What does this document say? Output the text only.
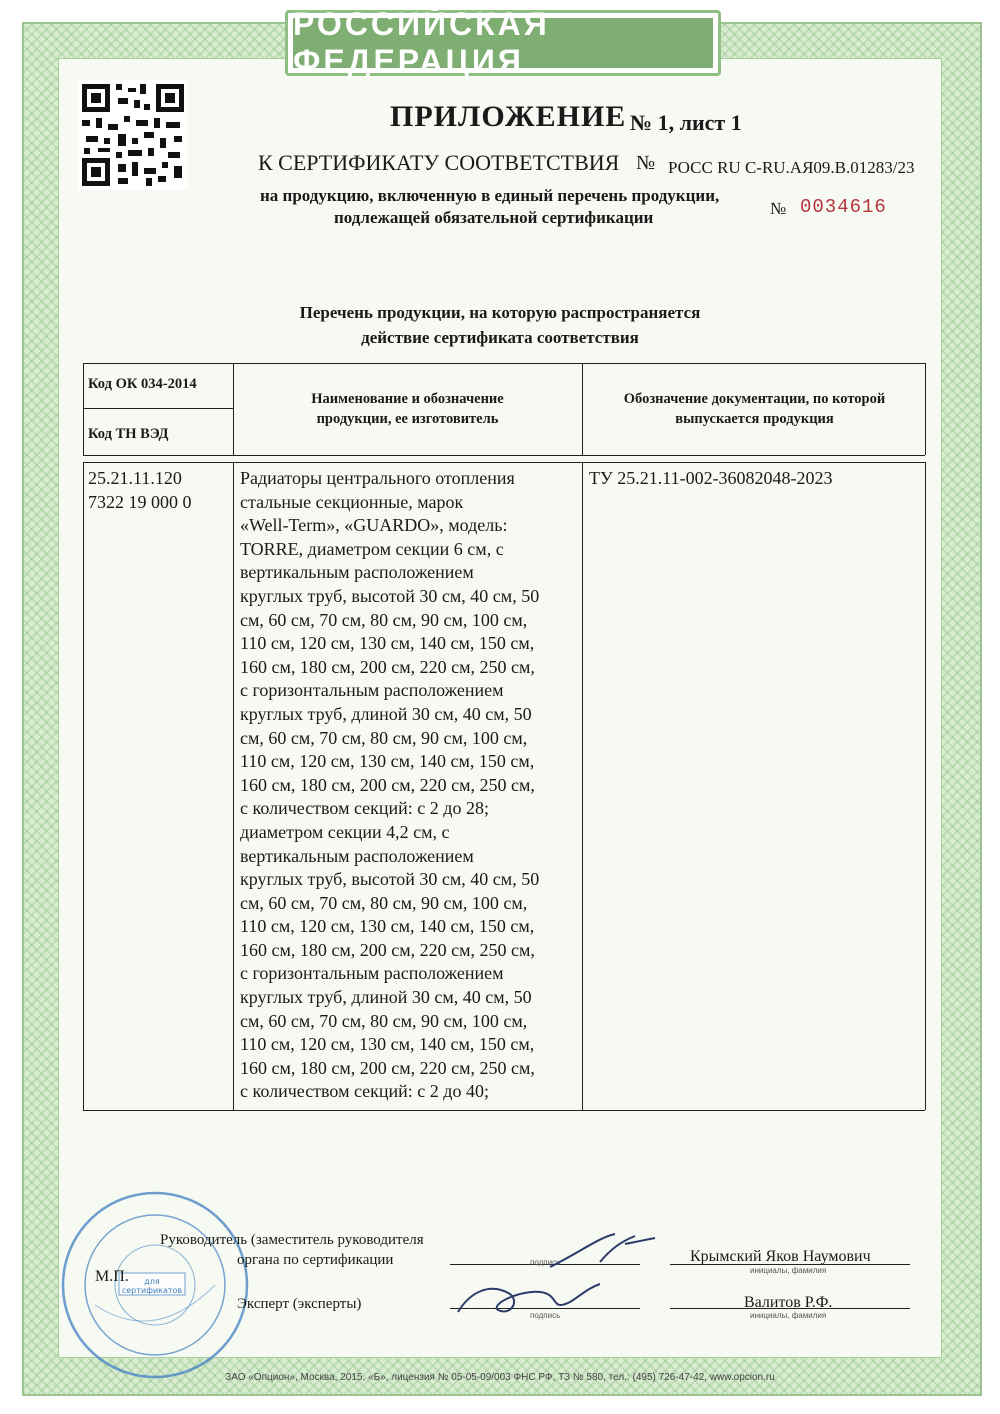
РОССИЙСКАЯ ФЕДЕРАЦИЯ
ПРИЛОЖЕНИЕ № 1, лист 1
К СЕРТИФИКАТУ СООТВЕТСТВИЯ № РОСС RU C-RU.АЯ09.В.01283/23
на продукцию, включенную в единый перечень продукции,
подлежащей обязательной сертификации	№ 0034616
Перечень продукции, на которую распространяется
действие сертификата соответствия
Код ОК 034-2014
Код ТН ВЭД
Наименование и обозначение продукции, ее изготовитель
Обозначение документации, по которой выпускается продукция
25.21.11.120
7322 19 000 0
Радиаторы центрального отопления
стальные секционные, марок
«Well-Term», «GUARDO», модель:
TORRE, диаметром секции 6 см, с
вертикальным расположением
круглых труб, высотой 30 см, 40 см, 50
см, 60 см, 70 см, 80 см, 90 см, 100 см,
110 см, 120 см, 130 см, 140 см, 150 см,
160 см, 180 см, 200 см, 220 см, 250 см,
с горизонтальным расположением
круглых труб, длиной 30 см, 40 см, 50
см, 60 см, 70 см, 80 см, 90 см, 100 см,
110 см, 120 см, 130 см, 140 см, 150 см,
160 см, 180 см, 200 см, 220 см, 250 см,
с количеством секций: с 2 до 28;
диаметром секции 4,2 см, с
вертикальным расположением
круглых труб, высотой 30 см, 40 см, 50
см, 60 см, 70 см, 80 см, 90 см, 100 см,
110 см, 120 см, 130 см, 140 см, 150 см,
160 см, 180 см, 200 см, 220 см, 250 см,
с горизонтальным расположением
круглых труб, длиной 30 см, 40 см, 50
см, 60 см, 70 см, 80 см, 90 см, 100 см,
110 см, 120 см, 130 см, 140 см, 150 см,
160 см, 180 см, 200 см, 220 см, 250 см,
с количеством секций: с 2 до 40;
ТУ 25.21.11-002-36082048-2023
для
сертификатов
Руководитель (заместитель руководителя
органа по сертификации
М.П.
Эксперт (эксперты)
подпись
инициалы, фамилия
подпись	инициалы, фамилия
Крымский Яков Наумович
Валитов Р.Ф.
ЗАО «Опцион», Москва, 2015, «Б», лицензия № 05-05-09/003 ФНС РФ, ТЗ № 580, тел.: (495) 726-47-42, www.opcion.ru
